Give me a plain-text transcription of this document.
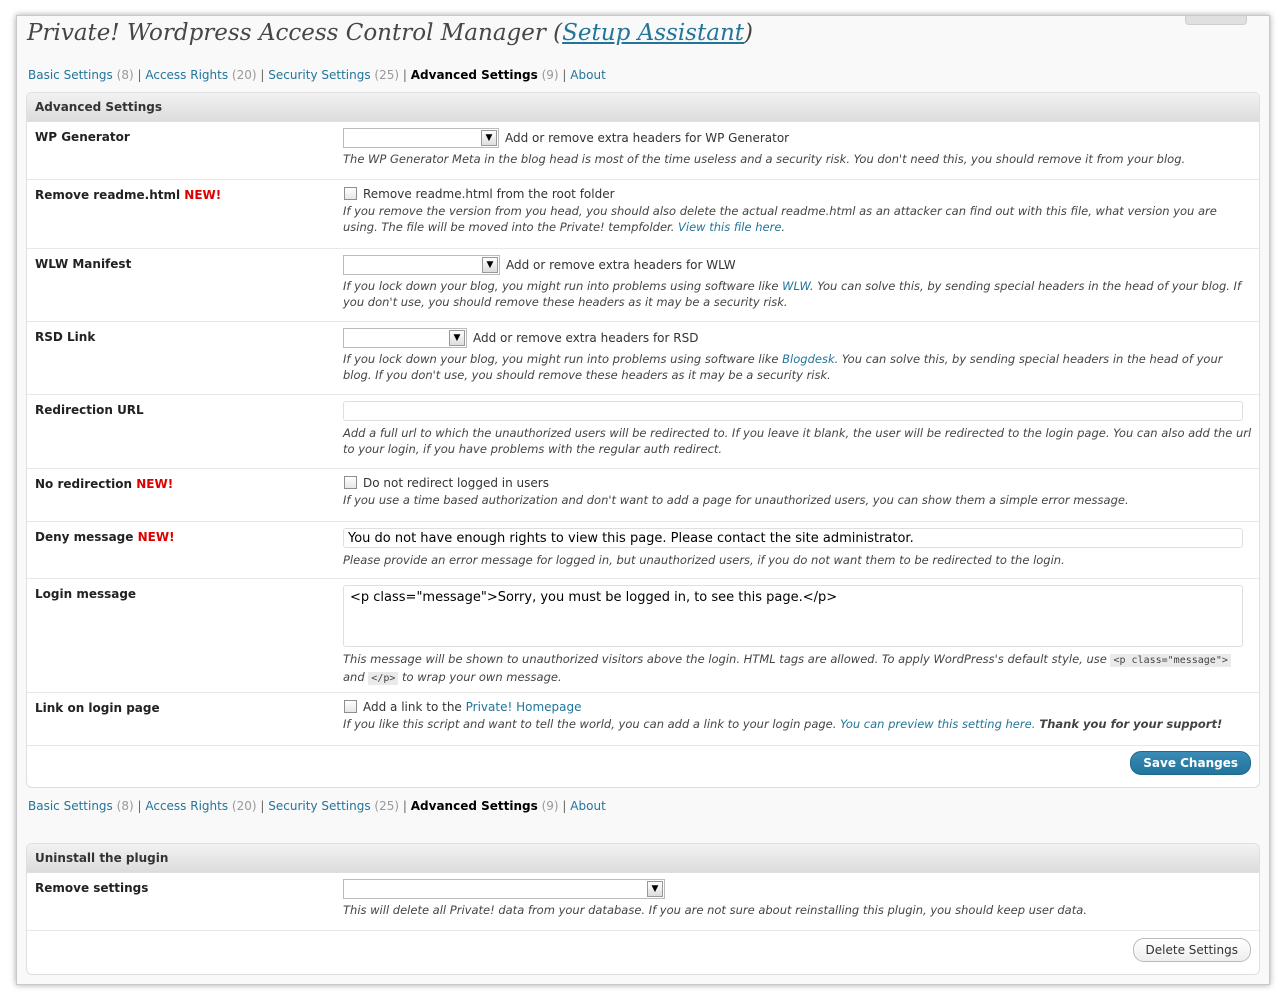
Private! Wordpress Access Control Manager (Setup Assistant)
Basic Settings (8) | Access Rights (20) | Security Settings (25) | Advanced Settings (9) | About
Advanced Settings
WP Generator	▼	Add or remove extra headers for WP Generator
The WP Generator Meta in the blog head is most of the time useless and a security risk. You don't need this, you should remove it from your blog.
Remove readme.html NEW!	Remove readme.html from the root folder
If you remove the version from you head, you should also delete the actual readme.html as an attacker can find out with this file, what version you are using. The file will be moved into the Private! tempfolder. View this file here.
WLW Manifest	▼	Add or remove extra headers for WLW
If you lock down your blog, you might run into problems using software like WLW. You can solve this, by sending special headers in the head of your blog. If you don't use, you should remove these headers as it may be a security risk.
RSD Link	▼	Add or remove extra headers for RSD
If you lock down your blog, you might run into problems using software like Blogdesk. You can solve this, by sending special headers in the head of your blog. If you don't use, you should remove these headers as it may be a security risk.
Redirection URL
Add a full url to which the unauthorized users will be redirected to. If you leave it blank, the user will be redirected to the login page. You can also add the url to your login, if you have problems with the regular auth redirect.
No redirection NEW!	Do not redirect logged in users
If you use a time based authorization and don't want to add a page for unauthorized users, you can show them a simple error message.
Deny message NEW!	You do not have enough rights to view this page. Please contact the site administrator.
Please provide an error message for logged in, but unauthorized users, if you do not want them to be redirected to the login.
Login message	<p class="message">Sorry, you must be logged in, to see this page.</p>
This message will be shown to unauthorized visitors above the login. HTML tags are allowed. To apply WordPress's default style, use <p class="message"> and </p> to wrap your own message.
Link on login page	Add a link to the Private! Homepage
If you like this script and want to tell the world, you can add a link to your login page. You can preview this setting here. Thank you for your support!
Save Changes
Basic Settings (8) | Access Rights (20) | Security Settings (25) | Advanced Settings (9) | About
Uninstall the plugin
Remove settings	▼
This will delete all Private! data from your database. If you are not sure about reinstalling this plugin, you should keep user data.
Delete Settings
